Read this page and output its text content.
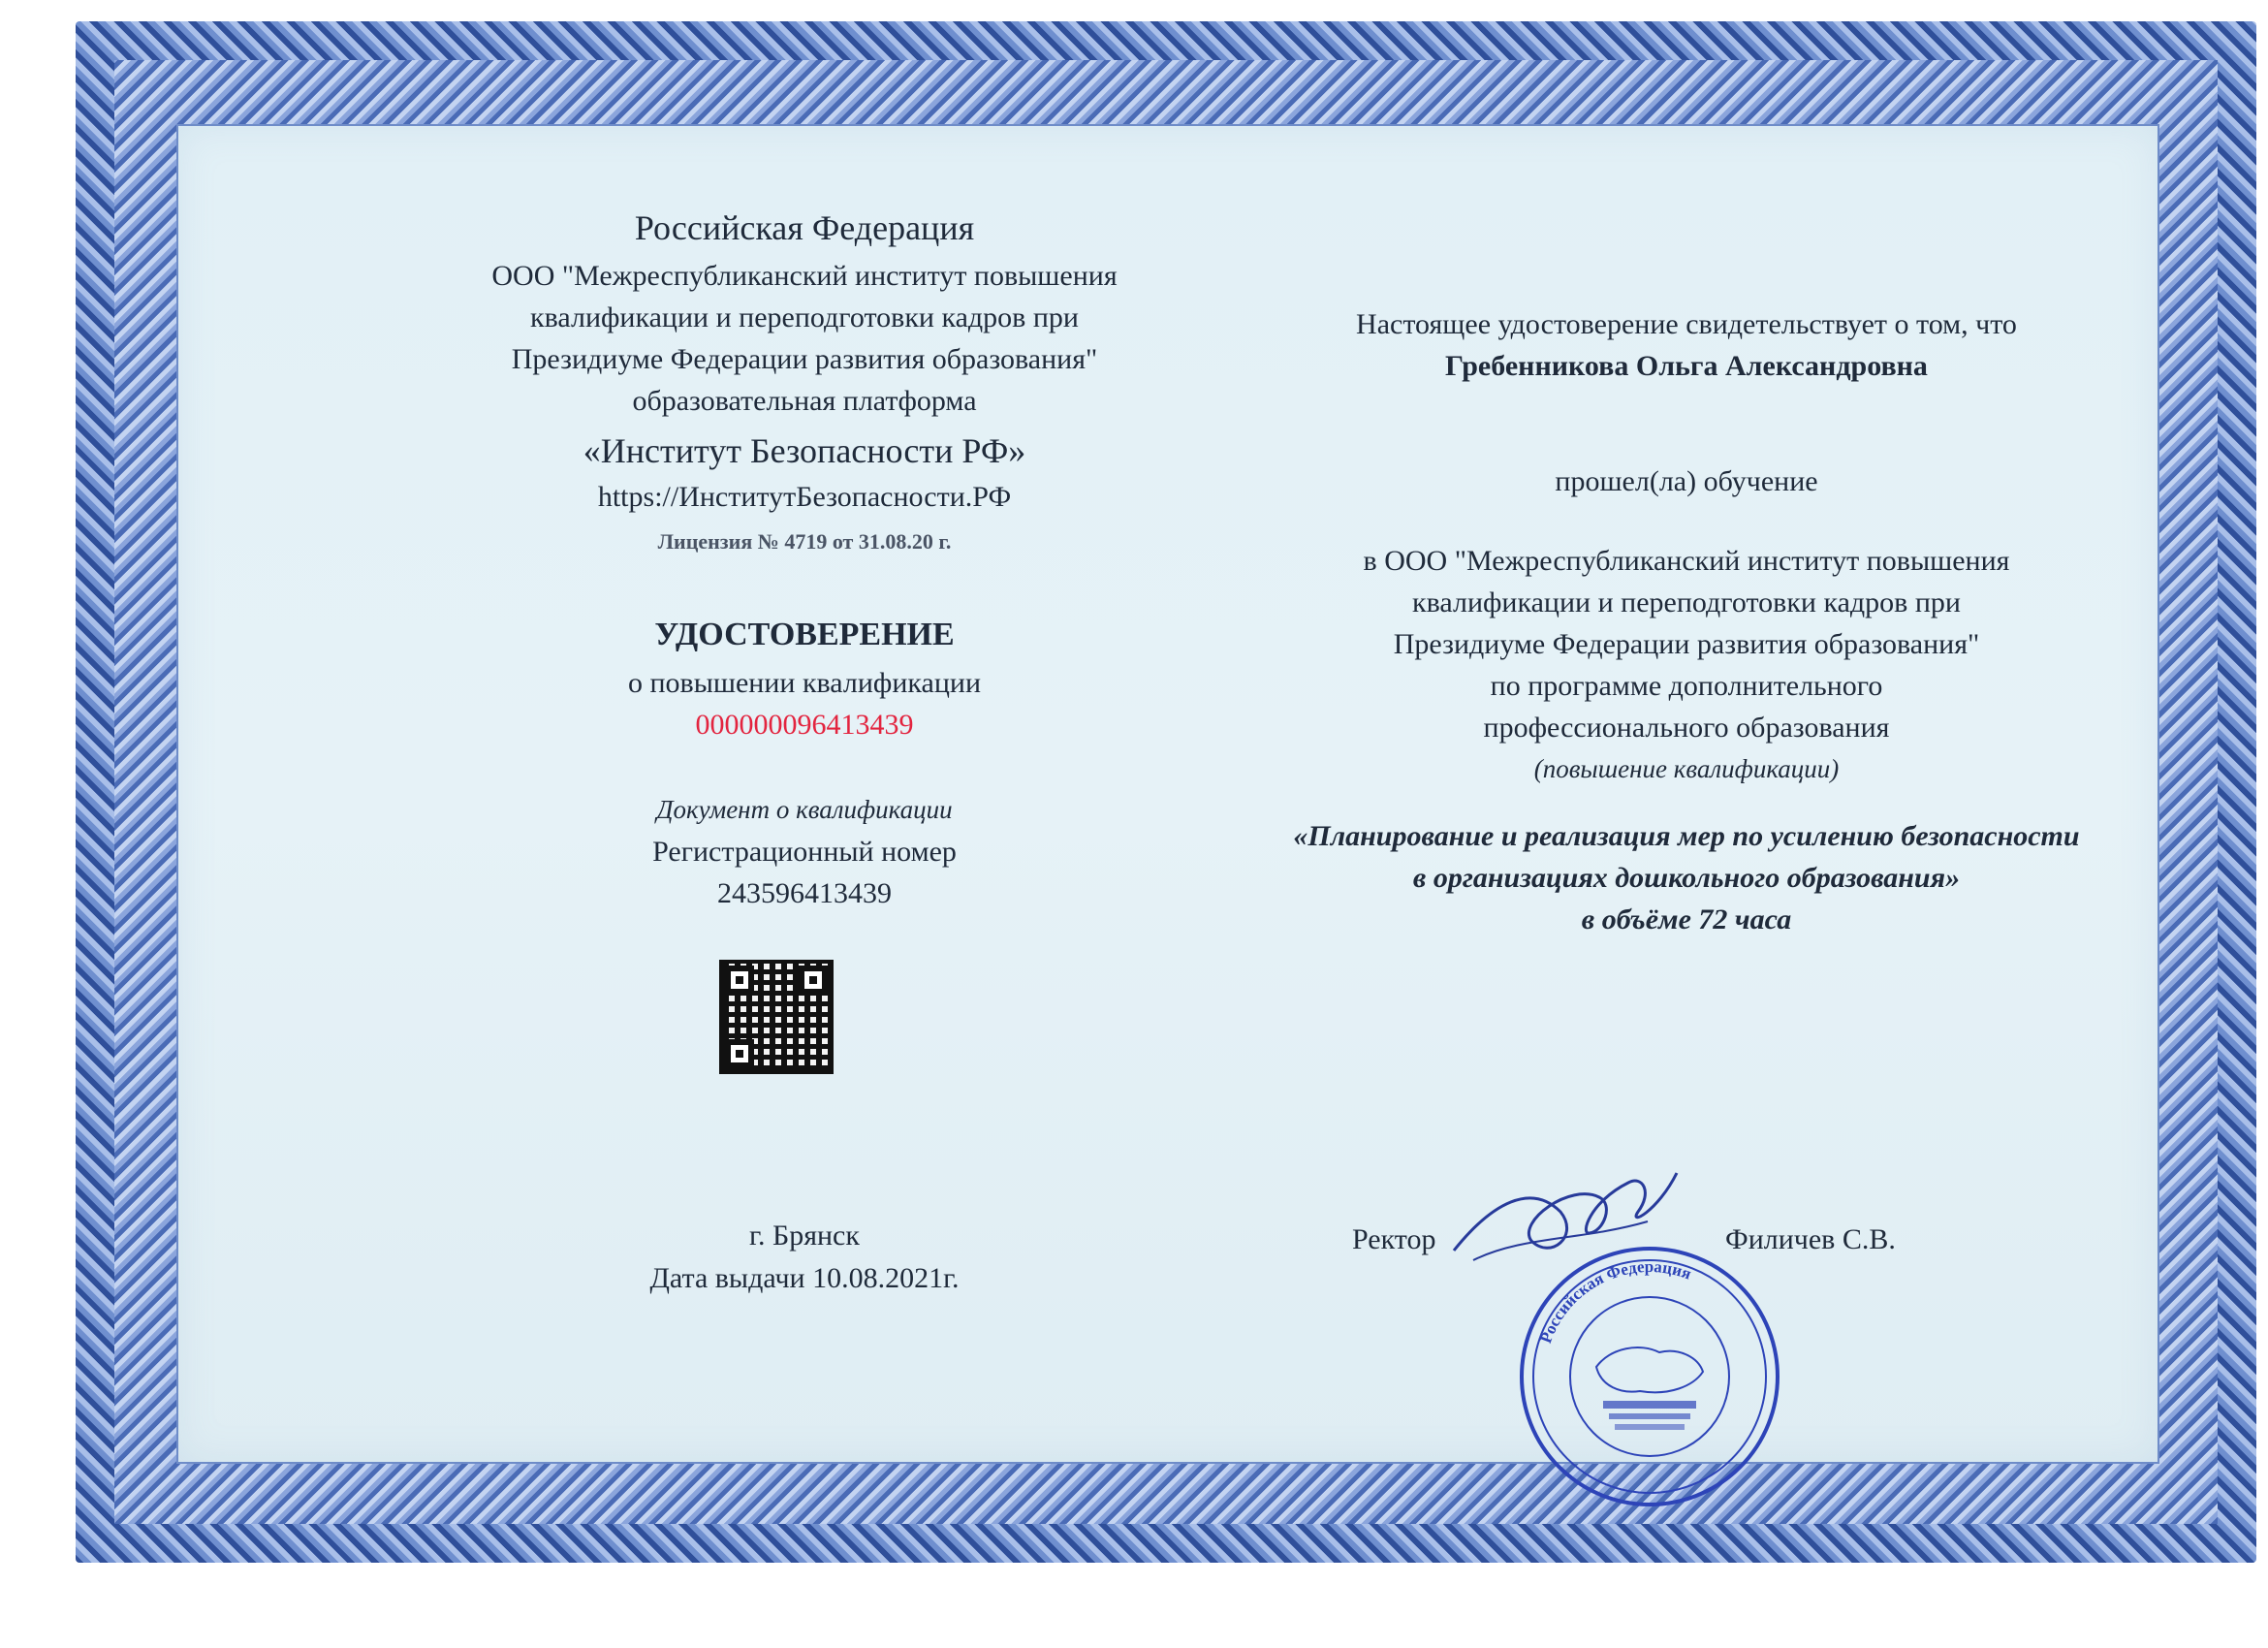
Российская Федерация
ООО "Межреспубликанский институт повышения
квалификации и переподготовки кадров при
Президиуме Федерации развития образования"
образовательная платформа
«Институт Безопасности РФ»
https://ИнститутБезопасности.РФ
Лицензия № 4719 от 31.08.20 г.
УДОСТОВЕРЕНИЕ
о повышении квалификации
000000096413439
Документ о квалификации
Регистрационный номер
243596413439
г. Брянск
Дата выдачи 10.08.2021г.
Настоящее удостоверение свидетельствует о том, что
Гребенникова Ольга Александровна
прошел(ла) обучение
в ООО "Межреспубликанский институт повышения
квалификации и переподготовки кадров при
Президиуме Федерации развития образования"
по программе дополнительного
профессионального образования
(повышение квалификации)
«Планирование и реализация мер по усилению безопасности
в организациях дошкольного образования»
в объёме 72 часа
Ректор	Филичев С.В.
Российская Федерация
